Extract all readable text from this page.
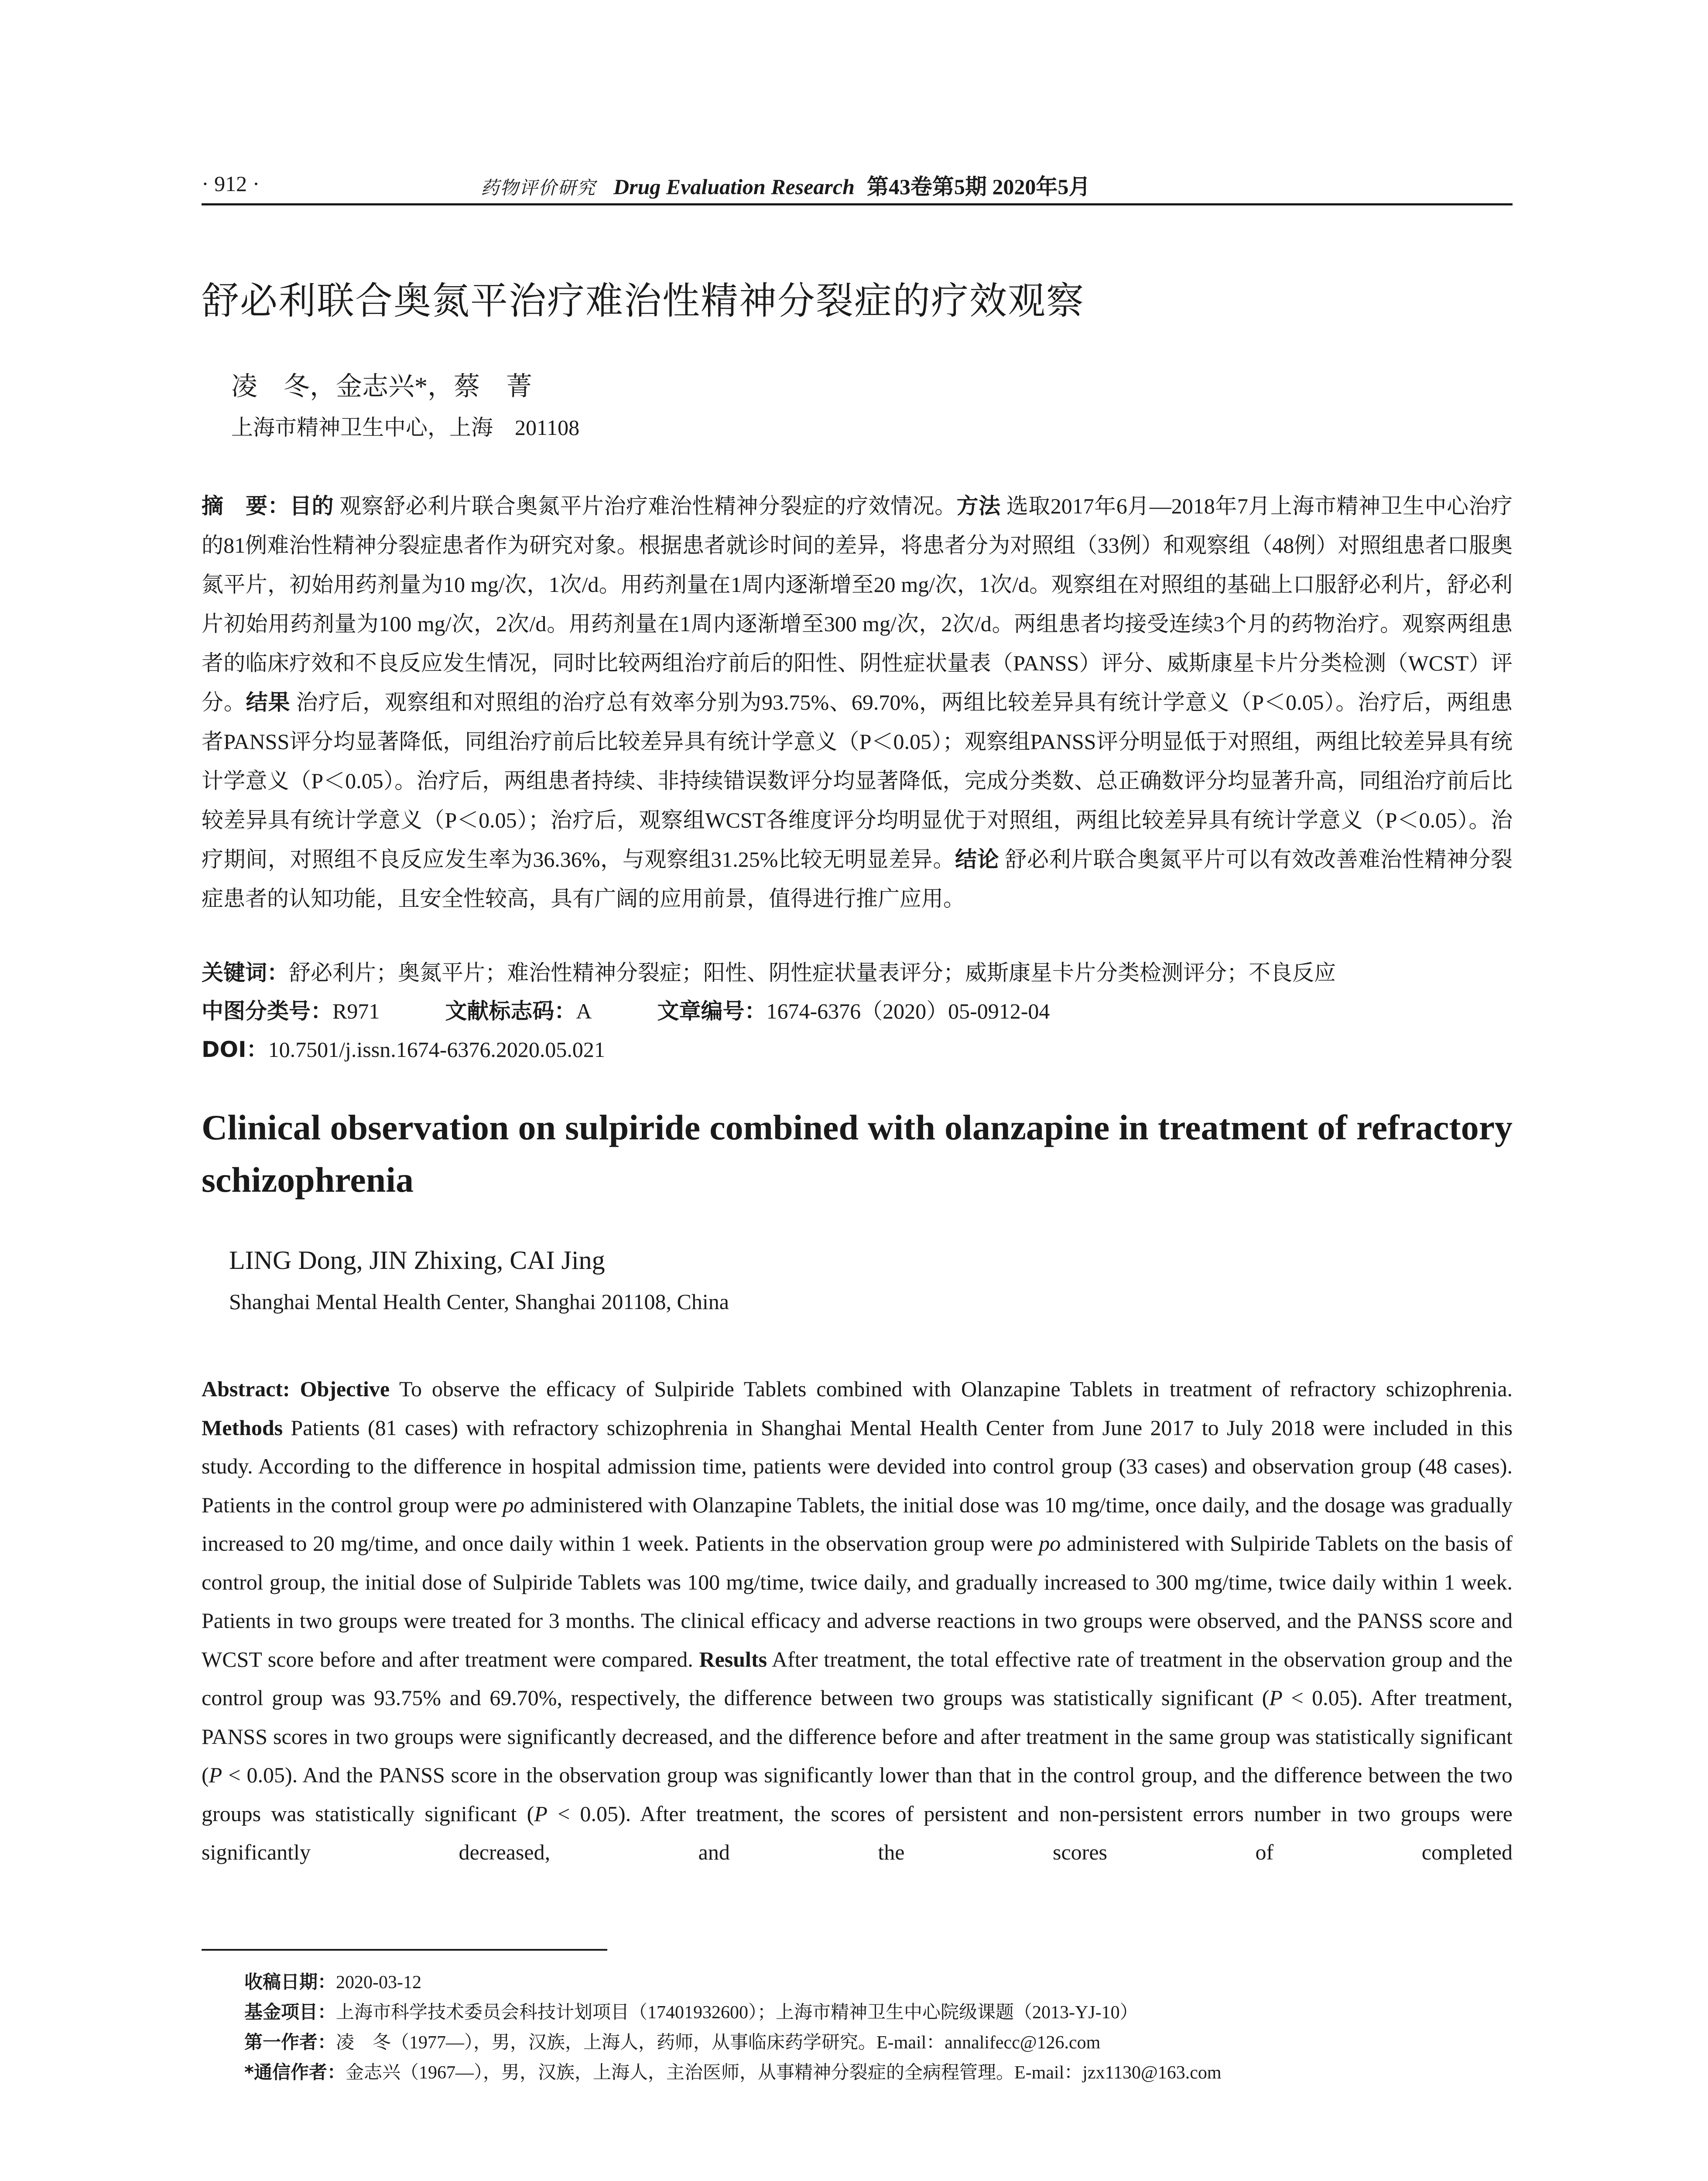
· 912 ·	药物评价研究 Drug Evaluation Research 第43卷第5期 2020年5月
舒必利联合奥氮平治疗难治性精神分裂症的疗效观察
凌　冬，金志兴*，蔡　菁
上海市精神卫生中心，上海　201108
摘　要：目的 观察舒必利片联合奥氮平片治疗难治性精神分裂症的疗效情况。方法 选取2017年6月—2018年7月上海市精神卫生中心治疗的81例难治性精神分裂症患者作为研究对象。根据患者就诊时间的差异，将患者分为对照组（33例）和观察组（48例）对照组患者口服奥氮平片，初始用药剂量为10 mg/次，1次/d。用药剂量在1周内逐渐增至20 mg/次，1次/d。观察组在对照组的基础上口服舒必利片，舒必利片初始用药剂量为100 mg/次，2次/d。用药剂量在1周内逐渐增至300 mg/次，2次/d。两组患者均接受连续3个月的药物治疗。观察两组患者的临床疗效和不良反应发生情况，同时比较两组治疗前后的阳性、阴性症状量表（PANSS）评分、威斯康星卡片分类检测（WCST）评分。结果 治疗后，观察组和对照组的治疗总有效率分别为93.75%、69.70%，两组比较差异具有统计学意义（P＜0.05）。治疗后，两组患者PANSS评分均显著降低，同组治疗前后比较差异具有统计学意义（P＜0.05）；观察组PANSS评分明显低于对照组，两组比较差异具有统计学意义（P＜0.05）。治疗后，两组患者持续、非持续错误数评分均显著降低，完成分类数、总正确数评分均显著升高，同组治疗前后比较差异具有统计学意义（P＜0.05）；治疗后，观察组WCST各维度评分均明显优于对照组，两组比较差异具有统计学意义（P＜0.05）。治疗期间，对照组不良反应发生率为36.36%，与观察组31.25%比较无明显差异。结论 舒必利片联合奥氮平片可以有效改善难治性精神分裂症患者的认知功能，且安全性较高，具有广阔的应用前景，值得进行推广应用。
关键词：舒必利片；奥氮平片；难治性精神分裂症；阳性、阴性症状量表评分；威斯康星卡片分类检测评分；不良反应
中图分类号：R971	文献标志码：A	文章编号：1674-6376（2020）05-0912-04
DOI：10.7501/j.issn.1674-6376.2020.05.021
Clinical observation on sulpiride combined with olanzapine in treatment of refractory schizophrenia
LING Dong, JIN Zhixing, CAI Jing
Shanghai Mental Health Center, Shanghai 201108, China
Abstract: Objective To observe the efficacy of Sulpiride Tablets combined with Olanzapine Tablets in treatment of refractory schizophrenia. Methods Patients (81 cases) with refractory schizophrenia in Shanghai Mental Health Center from June 2017 to July 2018 were included in this study. According to the difference in hospital admission time, patients were devided into control group (33 cases) and observation group (48 cases). Patients in the control group were po administered with Olanzapine Tablets, the initial dose was 10 mg/time, once daily, and the dosage was gradually increased to 20 mg/time, and once daily within 1 week. Patients in the observation group were po administered with Sulpiride Tablets on the basis of control group, the initial dose of Sulpiride Tablets was 100 mg/time, twice daily, and gradually increased to 300 mg/time, twice daily within 1 week. Patients in two groups were treated for 3 months. The clinical efficacy and adverse reactions in two groups were observed, and the PANSS score and WCST score before and after treatment were compared. Results After treatment, the total effective rate of treatment in the observation group and the control group was 93.75% and 69.70%, respectively, the difference between two groups was statistically significant (P < 0.05). After treatment, PANSS scores in two groups were significantly decreased, and the difference before and after treatment in the same group was statistically significant (P < 0.05). And the PANSS score in the observation group was significantly lower than that in the control group, and the difference between the two groups was statistically significant (P < 0.05). After treatment, the scores of persistent and non-persistent errors number in two groups were significantly decreased, and the scores of completed
收稿日期：2020-03-12
基金项目：上海市科学技术委员会科技计划项目（17401932600）；上海市精神卫生中心院级课题（2013-YJ-10）
第一作者：凌　冬（1977—），男，汉族，上海人，药师，从事临床药学研究。E-mail：annalifecc@126.com
*通信作者：金志兴（1967—），男，汉族，上海人，主治医师，从事精神分裂症的全病程管理。E-mail：jzx1130@163.com
